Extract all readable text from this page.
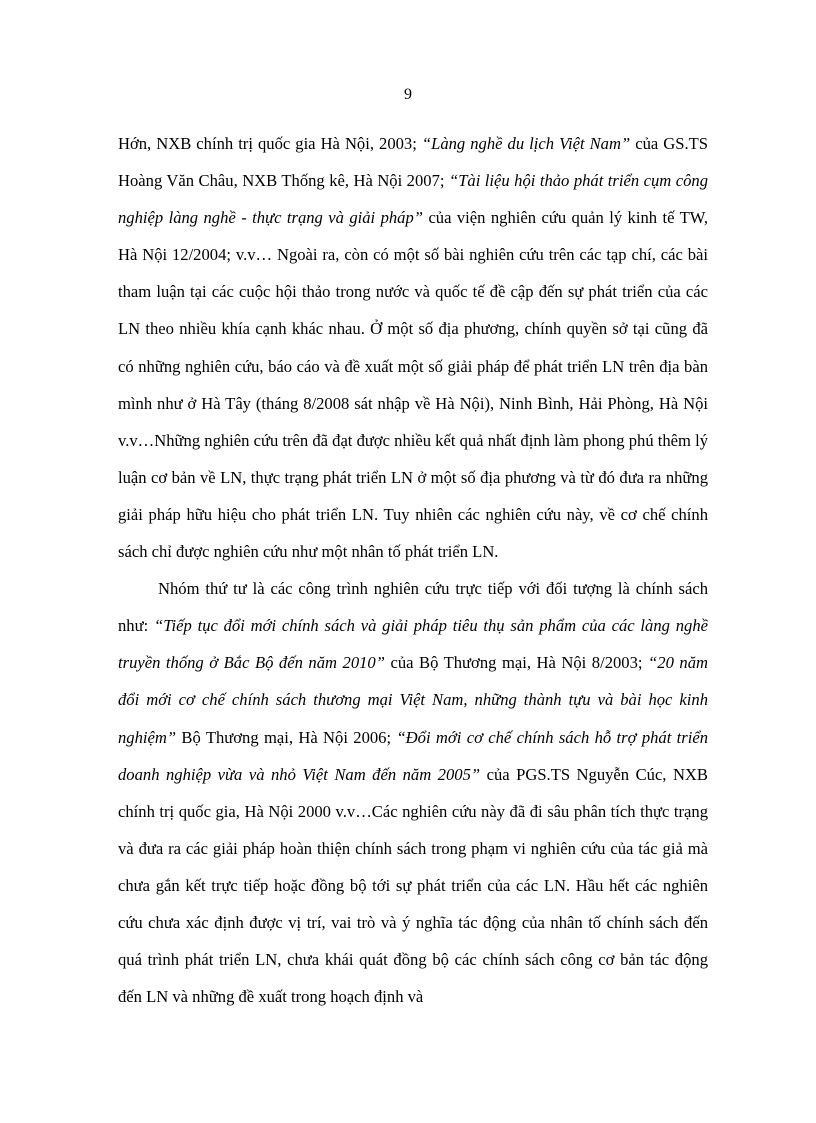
9

Hớn, NXB chính trị quốc gia Hà Nội, 2003; “Làng nghề du lịch Việt Nam” của GS.TS Hoàng Văn Châu, NXB Thống kê, Hà Nội 2007; “Tài liệu hội thảo phát triển cụm công nghiệp làng nghề - thực trạng và giải pháp” của viện nghiên cứu quản lý kinh tế TW, Hà Nội 12/2004; v.v… Ngoài ra, còn có một số bài nghiên cứu trên các tạp chí, các bài tham luận tại các cuộc hội thảo trong nước và quốc tế đề cập đến sự phát triển của các LN theo nhiều khía cạnh khác nhau. Ở một số địa phương, chính quyền sở tại cũng đã có những nghiên cứu, báo cáo và đề xuất một số giải pháp để phát triển LN trên địa bàn mình như ở Hà Tây (tháng 8/2008 sát nhập về Hà Nội), Ninh Bình, Hải Phòng, Hà Nội v.v…Những nghiên cứu trên đã đạt được nhiều kết quả nhất định làm phong phú thêm lý luận cơ bản về LN, thực trạng phát triển LN ở một số địa phương và từ đó đưa ra những giải pháp hữu hiệu cho phát triển LN. Tuy nhiên các nghiên cứu này, về cơ chế chính sách chỉ được nghiên cứu như một nhân tố phát triển LN.

Nhóm thứ tư là các công trình nghiên cứu trực tiếp với đối tượng là chính sách như: “Tiếp tục đổi mới chính sách và giải pháp tiêu thụ sản phẩm của các làng nghề truyền thống ở Bắc Bộ đến năm 2010” của Bộ Thương mại, Hà Nội 8/2003; “20 năm đổi mới cơ chế chính sách thương mại Việt Nam, những thành tựu và bài học kinh nghiệm” Bộ Thương mại, Hà Nội 2006; “Đổi mới cơ chế chính sách hỗ trợ phát triển doanh nghiệp vừa và nhỏ Việt Nam đến năm 2005” của PGS.TS Nguyễn Cúc, NXB chính trị quốc gia, Hà Nội 2000 v.v…Các nghiên cứu này đã đi sâu phân tích thực trạng và đưa ra các giải pháp hoàn thiện chính sách trong phạm vi nghiên cứu của tác giả mà chưa gắn kết trực tiếp hoặc đồng bộ tới sự phát triển của các LN. Hầu hết các nghiên cứu chưa xác định được vị trí, vai trò và ý nghĩa tác động của nhân tố chính sách đến quá trình phát triển LN, chưa khái quát đồng bộ các chính sách công cơ bản tác động đến LN và những đề xuất trong hoạch định và
